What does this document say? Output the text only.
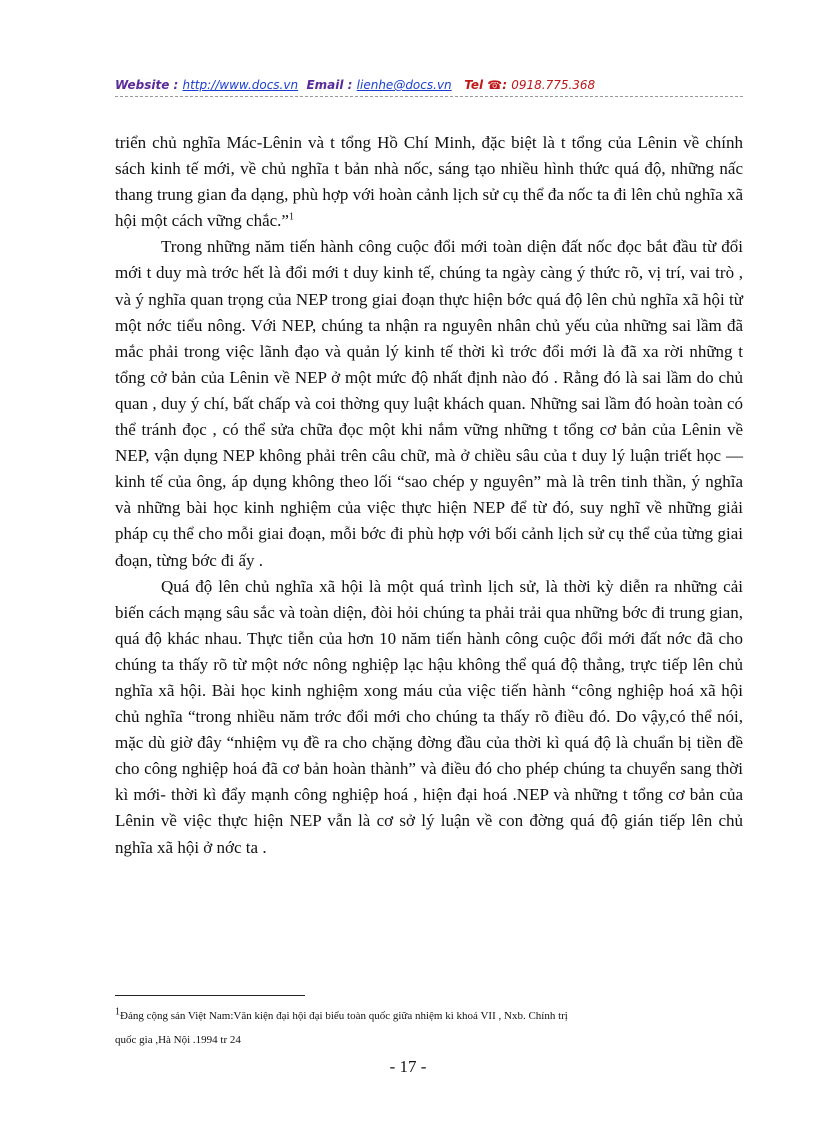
Website : http://www.docs.vn Email : lienhe@docs.vn Tel ☎: 0918.775.368

triển chủ nghĩa Mác-Lênin và t tổng Hồ Chí Minh, đặc biệt là t tổng của Lênin về chính sách kinh tế mới, về chủ nghĩa t bản nhà nốc, sáng tạo nhiều hình thức quá độ, những nấc thang trung gian đa dạng, phù hợp với hoàn cảnh lịch sử cụ thể đa nốc ta đi lên chủ nghĩa xã hội một cách vững chắc.”$^1$

Trong những năm tiến hành công cuộc đổi mới toàn diện đất nốc đọc bắt đầu từ đổi mới t duy mà trớc hết là đổi mới t duy kinh tế, chúng ta ngày càng ý thức rõ, vị trí, vai trò , và ý nghĩa quan trọng của NEP trong giai đoạn thực hiện bớc quá độ lên chủ nghĩa xã hội từ một nớc tiểu nông. Với NEP, chúng ta nhận ra nguyên nhân chủ yếu của những sai lầm đã mắc phải trong việc lãnh đạo và quản lý kinh tế thời kì trớc đổi mới là đã xa rời những t tổng cở bản của Lênin về NEP ở một mức độ nhất định nào đó . Rằng đó là sai lầm do chủ quan , duy ý chí, bất chấp và coi thờng quy luật khách quan. Những sai lầm đó hoàn toàn có thể tránh đọc , có thể sửa chữa đọc một khi nắm vững những t tổng cơ bản của Lênin về NEP, vận dụng NEP không phải trên câu chữ, mà ở chiều sâu của t duy lý luận triết học — kinh tế của ông, áp dụng không theo lối “sao chép y nguyên” mà là trên tinh thần, ý nghĩa và những bài học kinh nghiệm của việc thực hiện NEP để từ đó, suy nghĩ về những giải pháp cụ thể cho mỗi giai đoạn, mỗi bớc đi phù hợp với bối cảnh lịch sử cụ thể của từng giai đoạn, từng bớc đi ấy .

Quá độ lên chủ nghĩa xã hội là một quá trình lịch sử, là thời kỳ diễn ra những cải biến cách mạng sâu sắc và toàn diện, đòi hỏi chúng ta phải trải qua những bớc đi trung gian, quá độ khác nhau. Thực tiễn của hơn 10 năm tiến hành công cuộc đổi mới đất nớc đã cho chúng ta thấy rõ từ một nớc nông nghiệp lạc hậu không thể quá độ thẳng, trực tiếp lên chủ nghĩa xã hội. Bài học kinh nghiệm xong máu của việc tiến hành “công nghiệp hoá xã hội chủ nghĩa “trong nhiều năm trớc đổi mới cho chúng ta thấy rõ điều đó. Do vậy,có thể nói, mặc dù giờ đây “nhiệm vụ đề ra cho chặng đờng đầu của thời kì quá độ là chuẩn bị tiền đề cho công nghiệp hoá đã cơ bản hoàn thành” và điều đó cho phép chúng ta chuyển sang thời kì mới- thời kì đẩy mạnh công nghiệp hoá , hiện đại hoá .NEP và những t tổng cơ bản của Lênin về việc thực hiện NEP vẫn là cơ sở lý luận về con đờng quá độ gián tiếp lên chủ nghĩa xã hội ở nớc ta .

$^1$Đảng cộng sản Việt Nam:Văn kiện đại hội đại biểu toàn quốc giữa nhiệm kì khoá VII , Nxb. Chính trị
quốc gia ,Hà Nội .1994 tr 24
- 17 -
